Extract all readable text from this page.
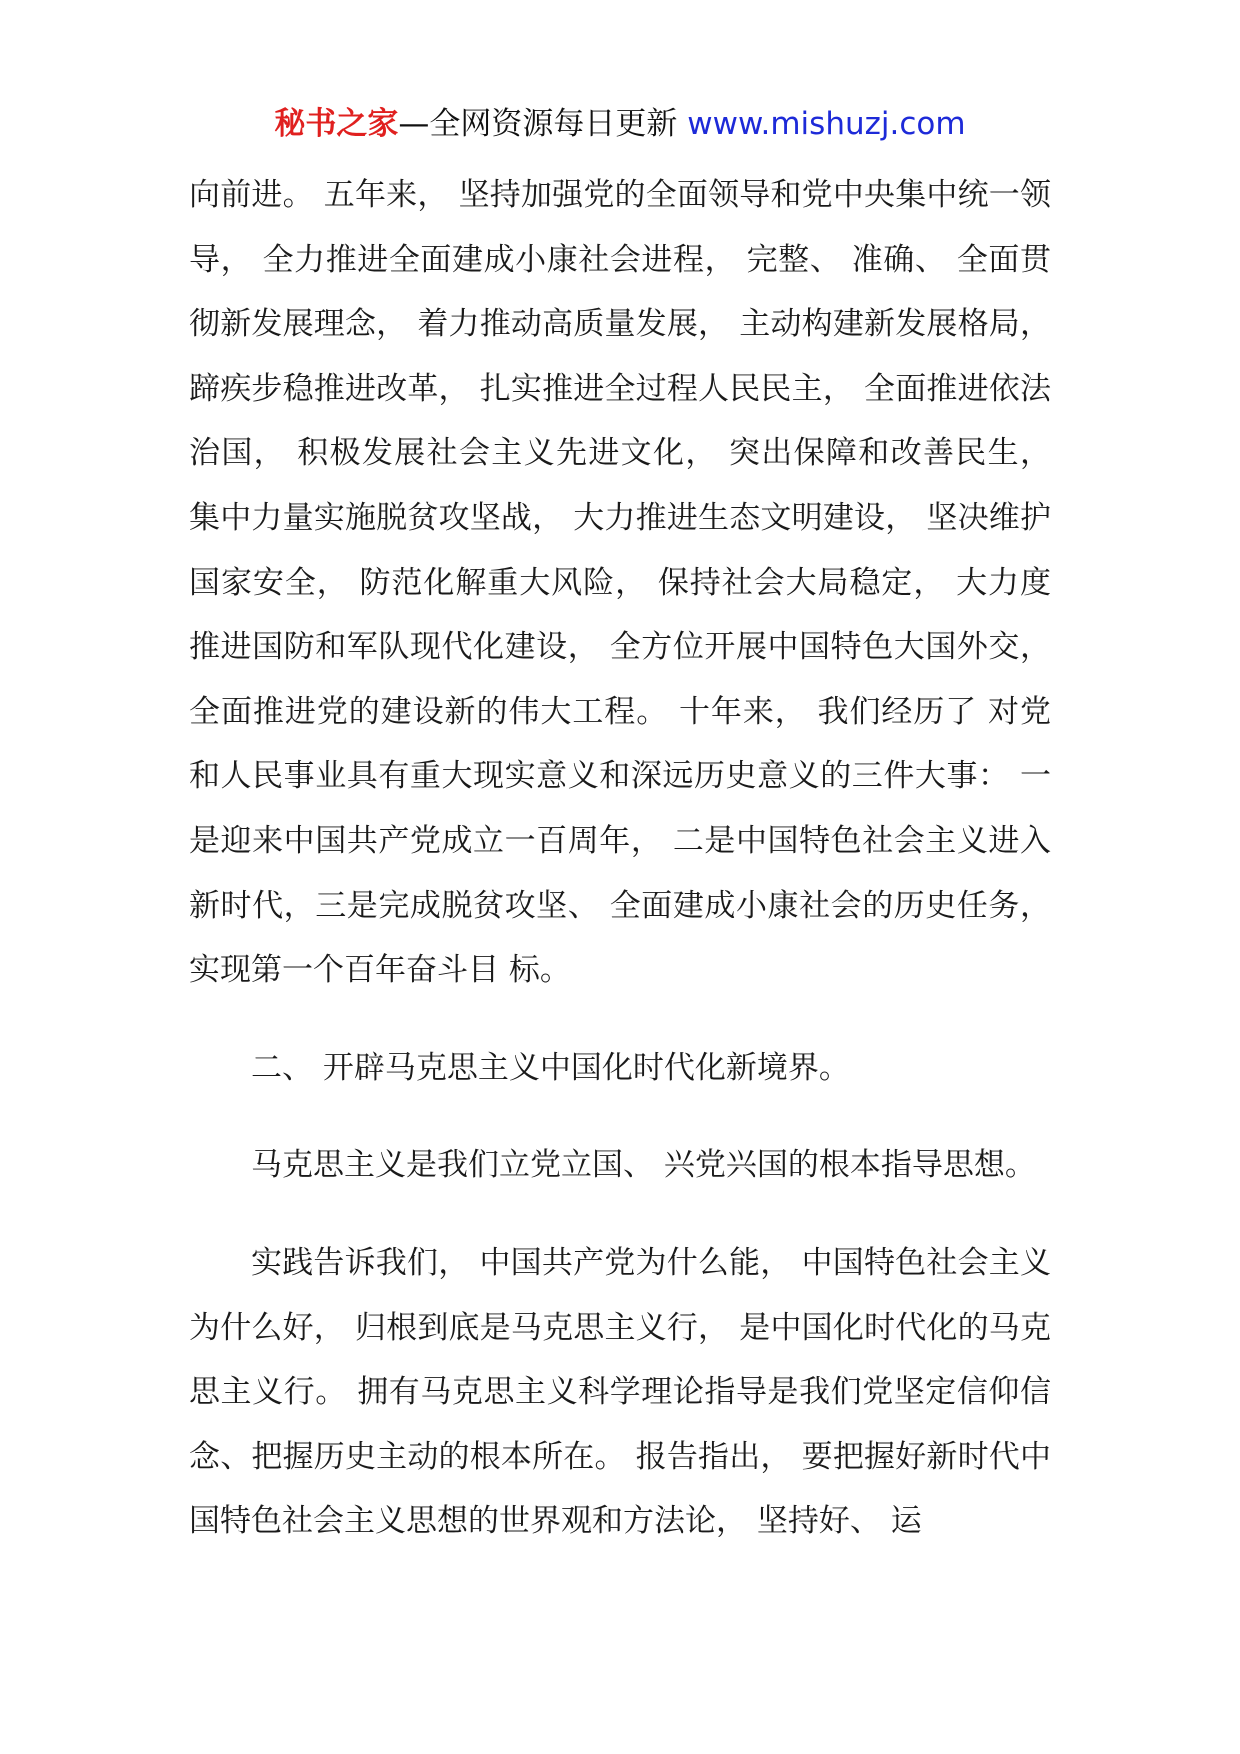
秘书之家—全网资源每日更新 www.mishuzj.com

向前进。 五年来， 坚持加强党的全面领导和党中央集中统一领导， 全力推进全面建成小康社会进程， 完整、 准确、 全面贯彻新发展理念， 着力推动高质量发展， 主动构建新发展格局，蹄疾步稳推进改革， 扎实推进全过程人民民主， 全面推进依法治国， 积极发展社会主义先进文化， 突出保障和改善民生， 集中力量实施脱贫攻坚战， 大力推进生态文明建设， 坚决维护国家安全， 防范化解重大风险， 保持社会大局稳定， 大力度推进国防和军队现代化建设， 全方位开展中国特色大国外交， 全面推进党的建设新的伟大工程。 十年来， 我们经历了 对党和人民事业具有重大现实意义和深远历史意义的三件大事： 一是迎来中国共产党成立一百周年， 二是中国特色社会主义进入新时代，三是完成脱贫攻坚、 全面建成小康社会的历史任务， 实现第一个百年奋斗目 标。

二、 开辟马克思主义中国化时代化新境界。

马克思主义是我们立党立国、 兴党兴国的根本指导思想。

实践告诉我们， 中国共产党为什么能， 中国特色社会主义为什么好， 归根到底是马克思主义行， 是中国化时代化的马克思主义行。 拥有马克思主义科学理论指导是我们党坚定信仰信念、把握历史主动的根本所在。 报告指出， 要把握好新时代中国特色社会主义思想的世界观和方法论， 坚持好、 运
